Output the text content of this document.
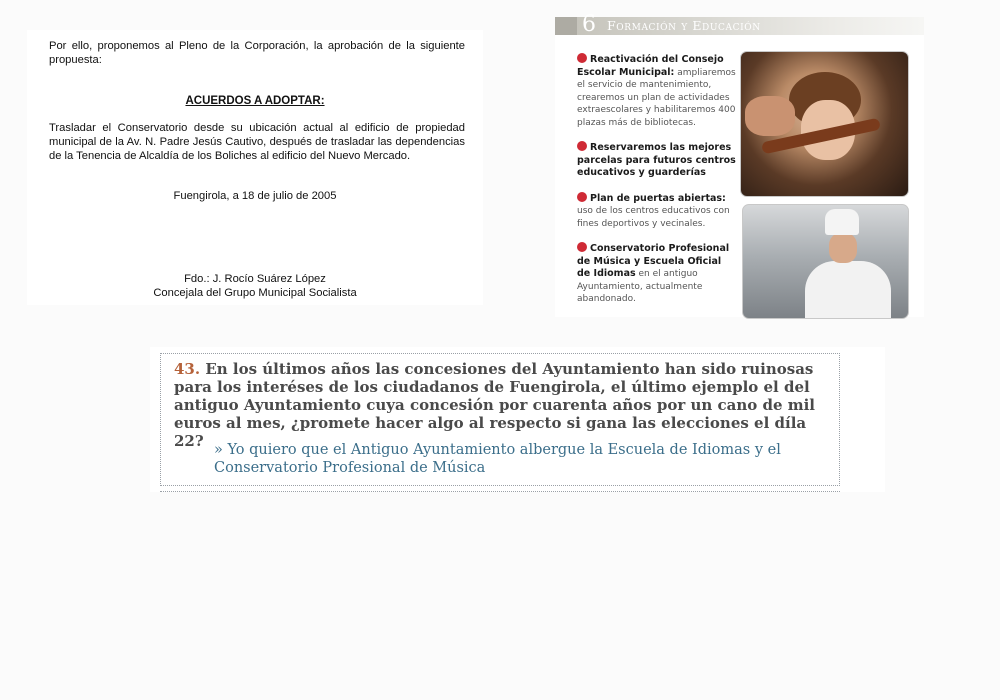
Por ello, proponemos al Pleno de la Corporación, la aprobación de la siguiente propuesta:

ACUERDOS A ADOPTAR:

Trasladar el Conservatorio desde su ubicación actual al edificio de propiedad municipal de la Av. N. Padre Jesús Cautivo, después de trasladar las dependencias de la Tenencia de Alcaldía de los Boliches al edificio del Nuevo Mercado.

Fuengirola, a 18 de julio de 2005

Fdo.: J. Rocío Suárez López

Concejala del Grupo Municipal Socialista

6 Formación y Educación
Reactivación del Consejo Escolar Municipal: ampliaremos el servicio de mantenimiento, crearemos un plan de actividades extraescolares y habilitaremos 400 plazas más de bibliotecas.
Reservaremos las mejores parcelas para futuros centros educativos y guarderías
Plan de puertas abiertas: uso de los centros educativos con fines deportivos y vecinales.
Conservatorio Profesional de Música y Escuela Oficial de Idiomas en el antiguo Ayuntamiento, actualmente abandonado.
43. En los últimos años las concesiones del Ayuntamiento han sido ruinosas para los interéses de los ciudadanos de Fuengirola, el último ejemplo el del antiguo Ayuntamiento cuya concesión por cuarenta años por un cano de mil euros al mes, ¿promete hacer algo al respecto si gana las elecciones el díla 22? » Yo quiero que el Antiguo Ayuntamiento albergue la Escuela de Idiomas y el Conservatorio Profesional de Música
